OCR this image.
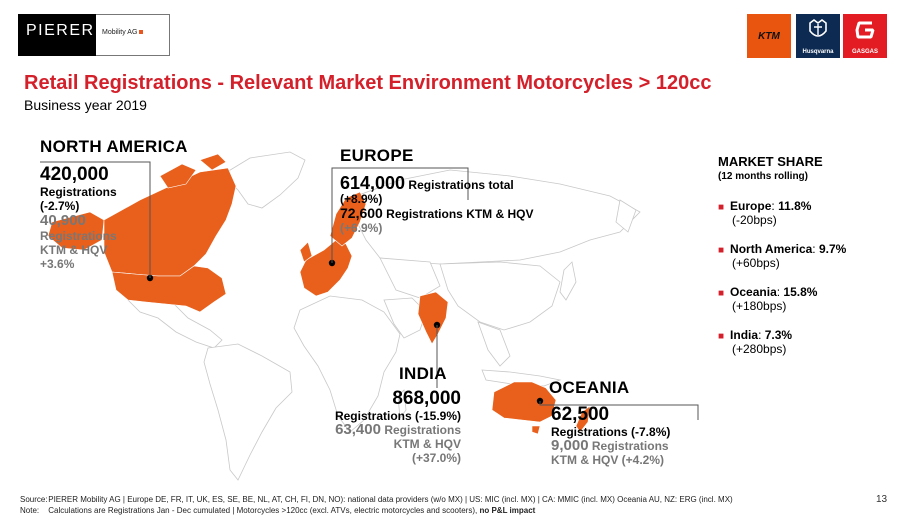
PIERER	Mobility AG	KTM
Husqvarna	GASGAS
Retail Registrations - Relevant Market Environment Motorcycles > 120cc
Business year 2019
NORTH AMERICA
420,000
Registrations
(-2.7%)
40,900
Registrations
KTM & HQV
+3.6%
EUROPE
614,000 Registrations total
(+8.9%)
72,600 Registrations KTM & HQV
(+6.9%)
INDIA
868,000
Registrations (-15.9%)
63,400 Registrations
KTM & HQV
(+37.0%)
OCEANIA
62,500
Registrations (-7.8%)
9,000 Registrations
KTM & HQV (+4.2%)
MARKET SHARE
(12 months rolling)
■ Europe: 11.8%
(-20bps)
■ North America: 9.7%
(+60bps)
■ Oceania: 15.8%
(+180bps)
■ India: 7.3%
(+280bps)
Source: PIERER Mobility AG | Europe DE, FR, IT, UK, ES, SE, BE, NL, AT, CH, FI, DN, NO): national data providers (w/o MX) | US: MIC (incl. MX) | CA: MMIC (incl. MX) Oceania AU, NZ: ERG (incl. MX)
Note: Calculations are Registrations Jan - Dec cumulated | Motorcycles >120cc (excl. ATVs, electric motorcycles and scooters), no P&L impact
13
